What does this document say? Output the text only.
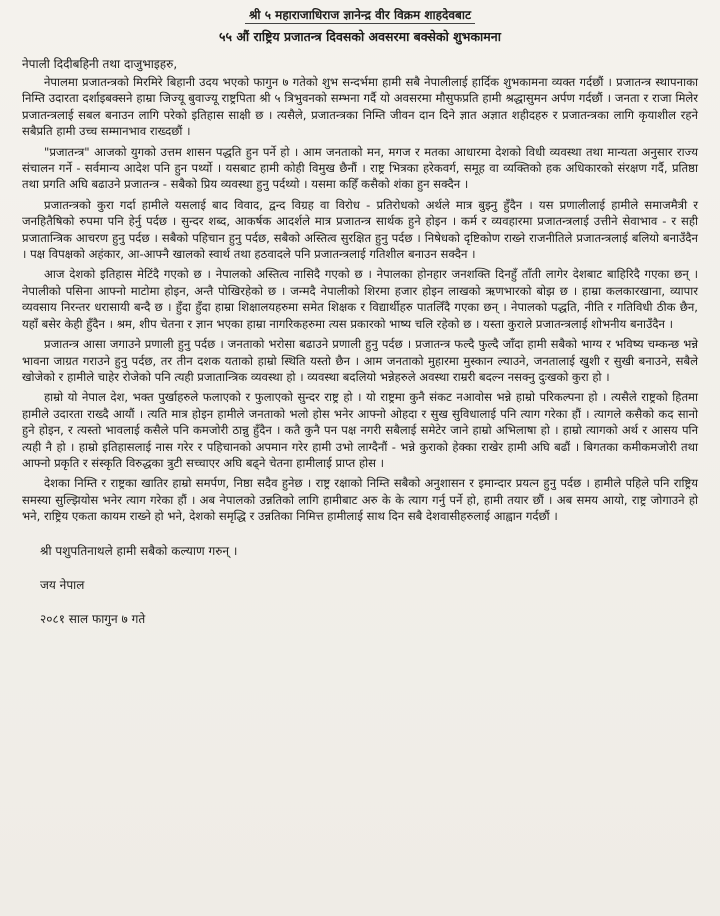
श्री ५ महाराजाधिराज ज्ञानेन्द्र वीर विक्रम शाहदेवबाट
५५ औं राष्ट्रिय प्रजातन्त्र दिवसको अवसरमा बक्सेको शुभकामना
नेपाली दिदीबहिनी तथा दाजुभाइहरु,

नेपालमा प्रजातन्त्रको मिरमिरे बिहानी उदय भएको फागुन ७ गतेको शुभ सन्दर्भमा हामी सबै नेपालीलाई हार्दिक शुभकामना व्यक्त गर्दछौं । प्रजातन्त्र स्थापनाका निम्ति उदारता दर्शाइबक्सने हाम्रा जिज्यू बुवाज्यू राष्ट्रपिता श्री ५ त्रिभुवनको सम्भना गर्दै यो अवसरमा मौसुफप्रति हामी श्रद्धासुमन अर्पण गर्दछौं । जनता र राजा मिलेर प्रजातन्त्रलाई सबल बनाउन लागि परेको इतिहास साक्षी छ । त्यसैले, प्रजातन्त्रका निम्ति जीवन दान दिने ज्ञात अज्ञात शहीदहरु र प्रजातन्त्रका लागि कृयाशील रहने सबैप्रति हामी उच्च सम्मानभाव राख्दछौं ।

"प्रजातन्त्र" आजको युगको उत्तम शासन पद्धति हुन पर्ने हो । आम जनताको मन, मगज र मतका आधारमा देशको विधी व्यवस्था तथा मान्यता अनुसार राज्य संचालन गर्ने - सर्वमान्य आदेश पनि हुन पर्थ्यो । यसबाट हामी कोही विमुख छैनौं । राष्ट्र भित्रका हरेकवर्ग, समूह वा व्यक्तिको हक अधिकारको संरक्षण गर्दै, प्रतिष्ठा तथा प्रगति अघि बढाउने प्रजातन्त्र - सबैको प्रिय व्यवस्था हुनु पर्दथ्यो । यसमा कहिँ कसैको शंका हुन सक्दैन ।

प्रजातन्त्रको कुरा गर्दा हामीले यसलाई बाद विवाद, द्वन्द विग्रह वा विरोध - प्रतिरोधको अर्थले मात्र बुझ्नु हुँदैन । यस प्रणालीलाई हामीले समाजमैत्री र जनहितैषिको रुपमा पनि हेर्नु पर्दछ । सुन्दर शब्द, आकर्षक आदर्शले मात्र प्रजातन्त्र सार्थक हुने होइन । कर्म र व्यवहारमा प्रजातन्त्रलाई उत्तीने सेवाभाव - र सही प्रजातान्त्रिक आचरण हुनु पर्दछ । सबैको पहिचान हुनु पर्दछ, सबैको अस्तित्व सुरक्षित हुनु पर्दछ । निषेधको दृष्टिकोण राख्ने राजनीतिले प्रजातन्त्रलाई बलियो बनाउँदैन । पक्ष विपक्षको अहंकार, आ-आफ्नै खालको स्वार्थ तथा हठवादले पनि प्रजातन्त्रलाई गतिशील बनाउन सक्दैन ।

आज देशको इतिहास मेटिंदै गएको छ । नेपालको अस्तित्व नासिदै गएको छ । नेपालका होनहार जनशक्ति दिनहुँ ताँती लागेर देशबाट बाहिरिदै गएका छन् । नेपालीको पसिना आफ्नो माटोमा होइन, अन्तै पोखिरहेको छ । जन्मदै नेपालीको शिरमा हजार होइन लाखको ऋणभारको बोझ छ । हाम्रा कलकारखाना, व्यापार व्यवसाय निरन्तर धरासायी बन्दै छ । हुँदा हुँदा हाम्रा शिक्षालयहरुमा समेत शिक्षक र विद्यार्थीहरु पातलिँदै गएका छन् । नेपालको पद्धति, नीति र गतिविधी ठीक छैन, यहाँ बसेर केही हुँदैन । श्रम, शीप चेतना र ज्ञान भएका हाम्रा नागरिकहरुमा त्यस प्रकारको भाष्य चलि रहेको छ । यस्ता कुराले प्रजातन्त्रलाई शोभनीय बनाउँदैन ।

प्रजातन्त्र आसा जगाउने प्रणाली हुनु पर्दछ । जनताको भरोसा बढाउने प्रणाली हुनु पर्दछ । प्रजातन्त्र फल्दै फुल्दै जाँदा हामी सबैको भाग्य र भविष्य चम्कन्छ भन्ने भावना जाग्रत गराउने हुनु पर्दछ, तर तीन दशक यताको हाम्रो स्थिति यस्तो छैन । आम जनताको मुहारमा मुस्कान ल्याउने, जनतालाई खुशी र सुखी बनाउने, सबैले खोजेको र हामीले चाहेर रोजेको पनि त्यही प्रजातान्त्रिक व्यवस्था हो । व्यवस्था बदलियो भन्नेहरुले अवस्था राम्ररी बदल्न नसक्नु दुःखको कुरा हो ।

हाम्रो यो नेपाल देश, भक्त पुर्खाहरुले फलाएको र फुलाएको सुन्दर राष्ट्र हो । यो राष्ट्रमा कुनै संकट नआवोस भन्ने हाम्रो परिकल्पना हो । त्यसैले राष्ट्रको हितमा हामीले उदारता राख्दै आयौं । त्यति मात्र होइन हामीले जनताको भलो होस भनेर आफ्नो ओहदा र सुख सुविधालाई पनि त्याग गरेका हौं । त्यागले कसैको कद सानो हुने होइन, र त्यस्तो भावलाई कसैले पनि कमजोरी ठान्नु हुँदैन । कतै कुनै पन पक्ष नगरी सबैलाई समेटेर जाने हाम्रो अभिलाषा हो । हाम्रो त्यागको अर्थ र आसय पनि त्यही नै हो । हाम्रो इतिहासलाई नास गरेर र पहिचानको अपमान गरेर हामी उभो लाग्दैनौं - भन्ने कुराको हेक्का राखेर हामी अघि बढौं । बिगतका कमीकमजोरी तथा आफ्नो प्रकृति र संस्कृति विरुद्धका त्रुटी सच्चाएर अघि बढ्ने चेतना हामीलाई प्राप्त होस ।

देशका निम्ति र राष्ट्रका खातिर हाम्रो समर्पण, निष्ठा सदैव हुनेछ । राष्ट्र रक्षाको निम्ति सबैको अनुशासन र इमान्दार प्रयत्न हुनु पर्दछ । हामीले पहिले पनि राष्ट्रिय समस्या सुल्झियोस भनेर त्याग गरेका हौं । अब नेपालको उन्नतिको लागि हामीबाट अरु के के त्याग गर्नु पर्ने हो, हामी तयार छौं । अब समय आयो, राष्ट्र जोगाउने हो भने, राष्ट्रिय एकता कायम राख्ने हो भने, देशको समृद्धि र उन्नतिका निमित्त हामीलाई साथ दिन सबै देशवासीहरुलाई आह्वान गर्दछौं ।

श्री पशुपतिनाथले हामी सबैको कल्याण गरुन् ।
जय नेपाल
२०८१ साल फागुन ७ गते
